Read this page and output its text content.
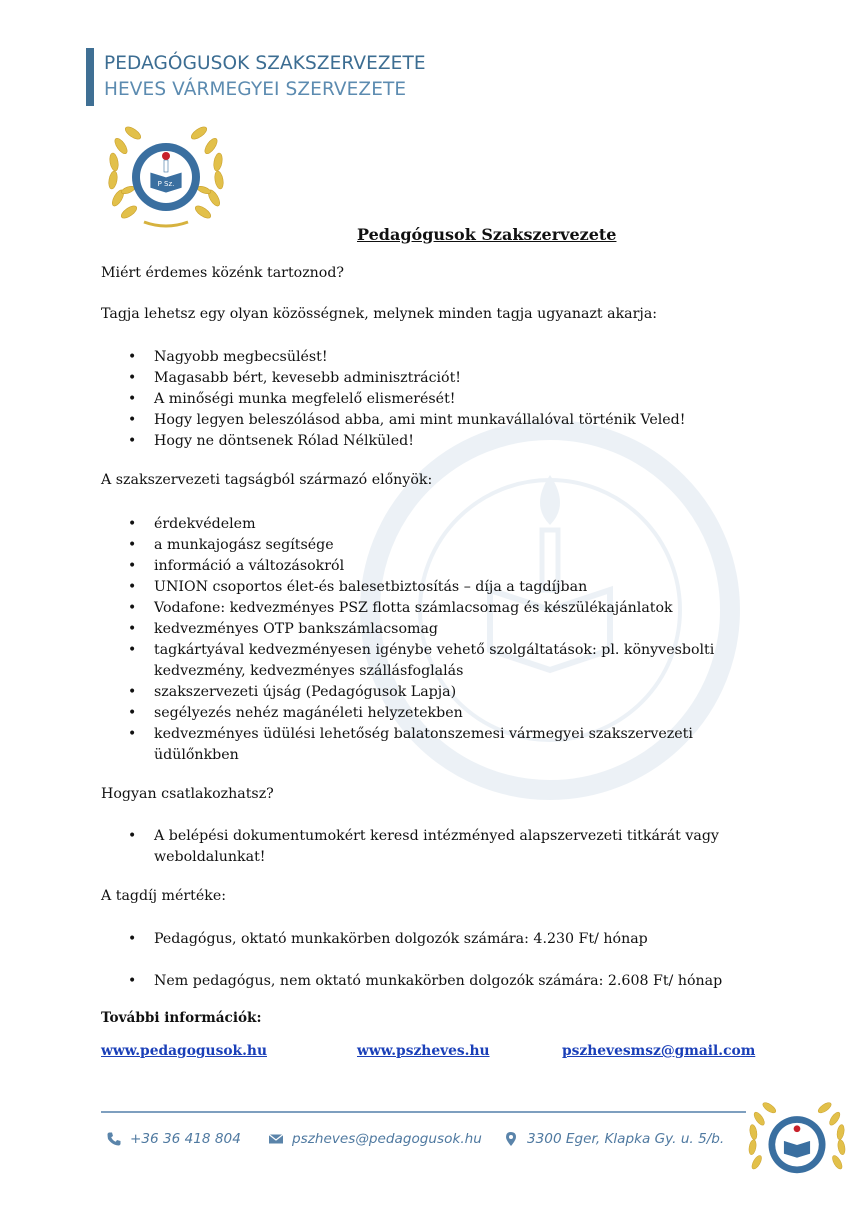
PEDAGÓGUSOK SZAKSZERVEZETE
HEVES VÁRMEGYEI SZERVEZETE
P Sz.
Pedagógusok Szakszervezete
Miért érdemes közénk tartoznod?
Tagja lehetsz egy olyan közösségnek, melynek minden tagja ugyanazt akarja:
• Nagyobb megbecsülést!
• Magasabb bért, kevesebb adminisztrációt!
• A minőségi munka megfelelő elismerését!
• Hogy legyen beleszólásod abba, ami mint munkavállalóval történik Veled!
• Hogy ne döntsenek Rólad Nélküled!
A szakszervezeti tagságból származó előnyök:
• érdekvédelem
• a munkajogász segítsége
• információ a változásokról
• UNION csoportos élet-és balesetbiztosítás – díja a tagdíjban
• Vodafone: kedvezményes PSZ flotta számlacsomag és készülékajánlatok
• kedvezményes OTP bankszámlacsomag
• tagkártyával kedvezményesen igénybe vehető szolgáltatások: pl. könyvesbolti
kedvezmény, kedvezményes szállásfoglalás
• szakszervezeti újság (Pedagógusok Lapja)
• segélyezés nehéz magánéleti helyzetekben
• kedvezményes üdülési lehetőség balatonszemesi vármegyei szakszervezeti
üdülőnkben
Hogyan csatlakozhatsz?
• A belépési dokumentumokért keresd intézményed alapszervezeti titkárát vagy
weboldalunkat!
A tagdíj mértéke:
• Pedagógus, oktató munkakörben dolgozók számára: 4.230 Ft/ hónap
• Nem pedagógus, nem oktató munkakörben dolgozók számára: 2.608 Ft/ hónap
További információk:
www.pedagogusok.hu	www.pszheves.hu	pszhevesmsz@gmail.com
+36 36 418 804	pszheves@pedagogusok.hu	3300 Eger, Klapka Gy. u. 5/b.
